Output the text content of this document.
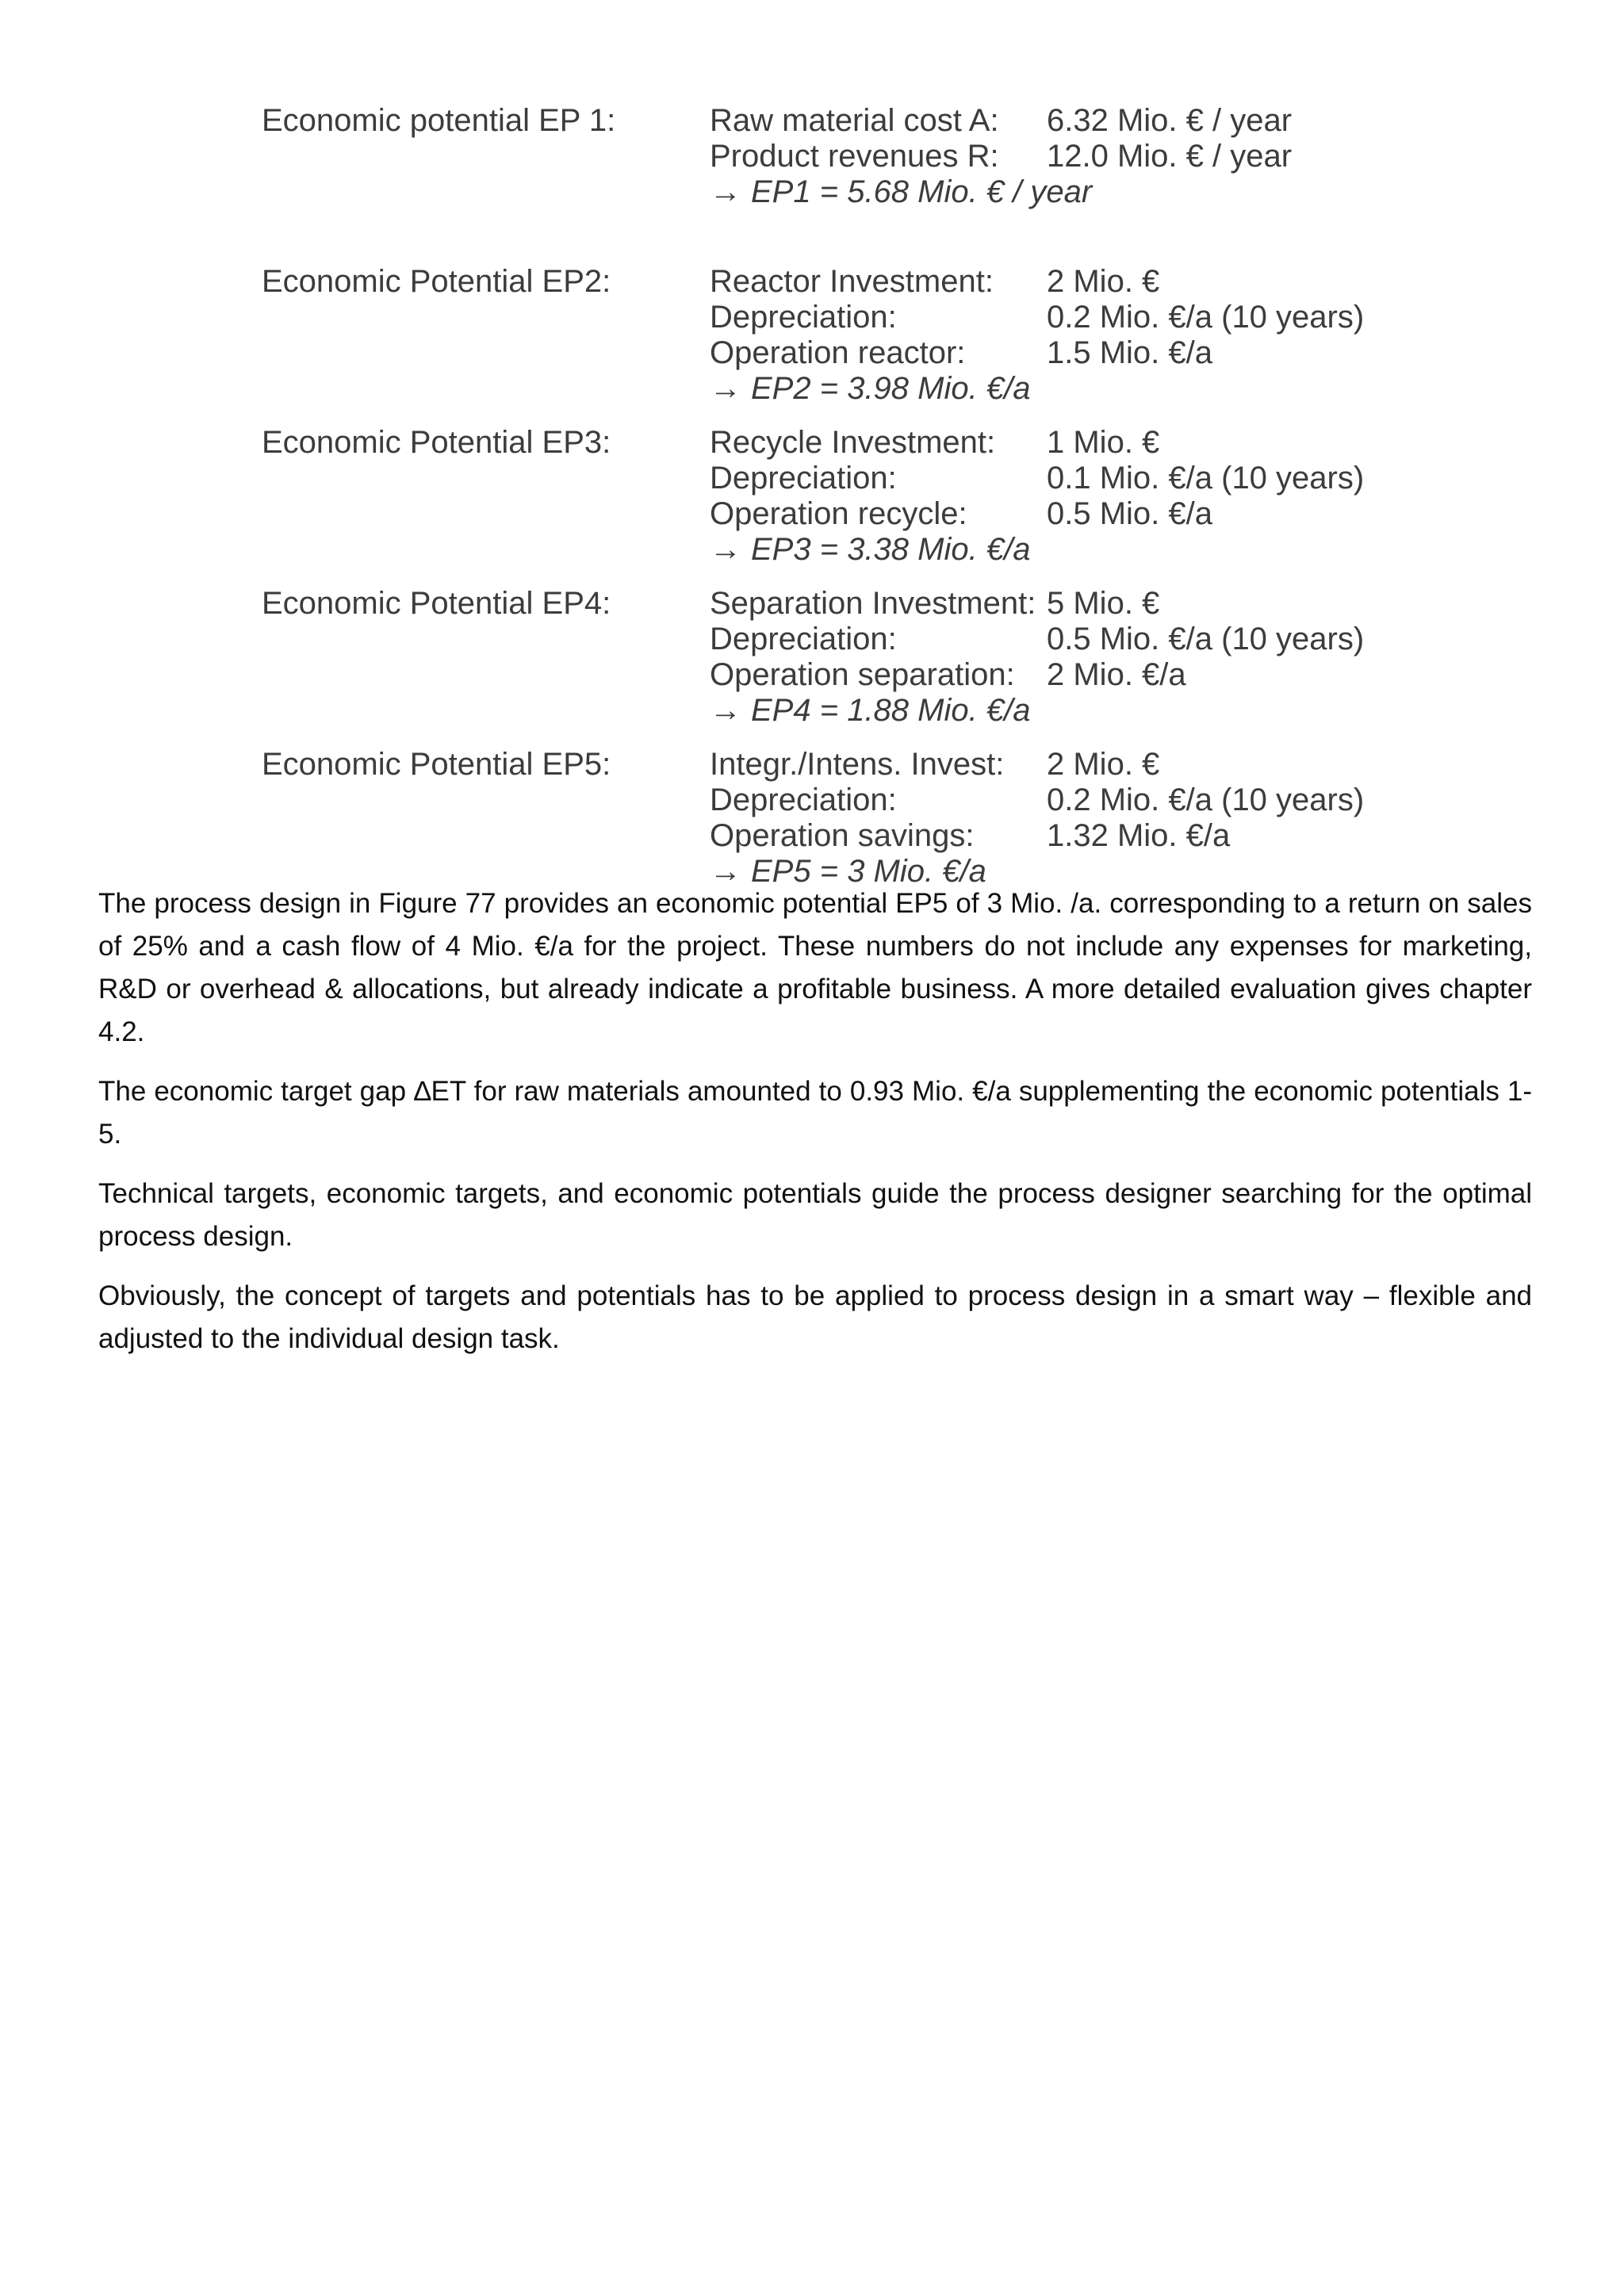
Economic potential EP 1:	Raw material cost A: 6.32 Mio. € / year
Product revenues R: 12.0 Mio. € / year
→ EP1 = 5.68 Mio. € / year
Economic Potential EP2:	Reactor Investment: 2 Mio. €
Depreciation:	0.2 Mio. €/a (10 years)
Operation reactor:	1.5 Mio. €/a
→ EP2 = 3.98 Mio. €/a
Economic Potential EP3:	Recycle Investment: 1 Mio. €
Depreciation:	0.1 Mio. €/a (10 years)
Operation recycle:	0.5 Mio. €/a
→ EP3 = 3.38 Mio. €/a
Economic Potential EP4:	Separation Investment: 5 Mio. €
Depreciation:	0.5 Mio. €/a (10 years)
Operation separation: 2 Mio. €/a
→ EP4 = 1.88 Mio. €/a
Economic Potential EP5:	Integr./Intens. Invest: 2 Mio. €
Depreciation:	0.2 Mio. €/a (10 years)
Operation savings: 1.32 Mio. €/a
→ EP5 = 3 Mio. €/a

The process design in Figure 77 provides an economic potential EP5 of 3 Mio. /a. corresponding to a return on sales of 25% and a cash flow of 4 Mio. €/a for the project. These numbers do not include any expenses for marketing, R&D or overhead & allocations, but already indicate a profitable business. A more detailed evaluation gives chapter 4.2.

The economic target gap ∆ET for raw materials amounted to 0.93 Mio. €/a supplementing the economic potentials 1-5.

Technical targets, economic targets, and economic potentials guide the process designer searching for the optimal process design.

Obviously, the concept of targets and potentials has to be applied to process design in a smart way – flexible and adjusted to the individual design task.
